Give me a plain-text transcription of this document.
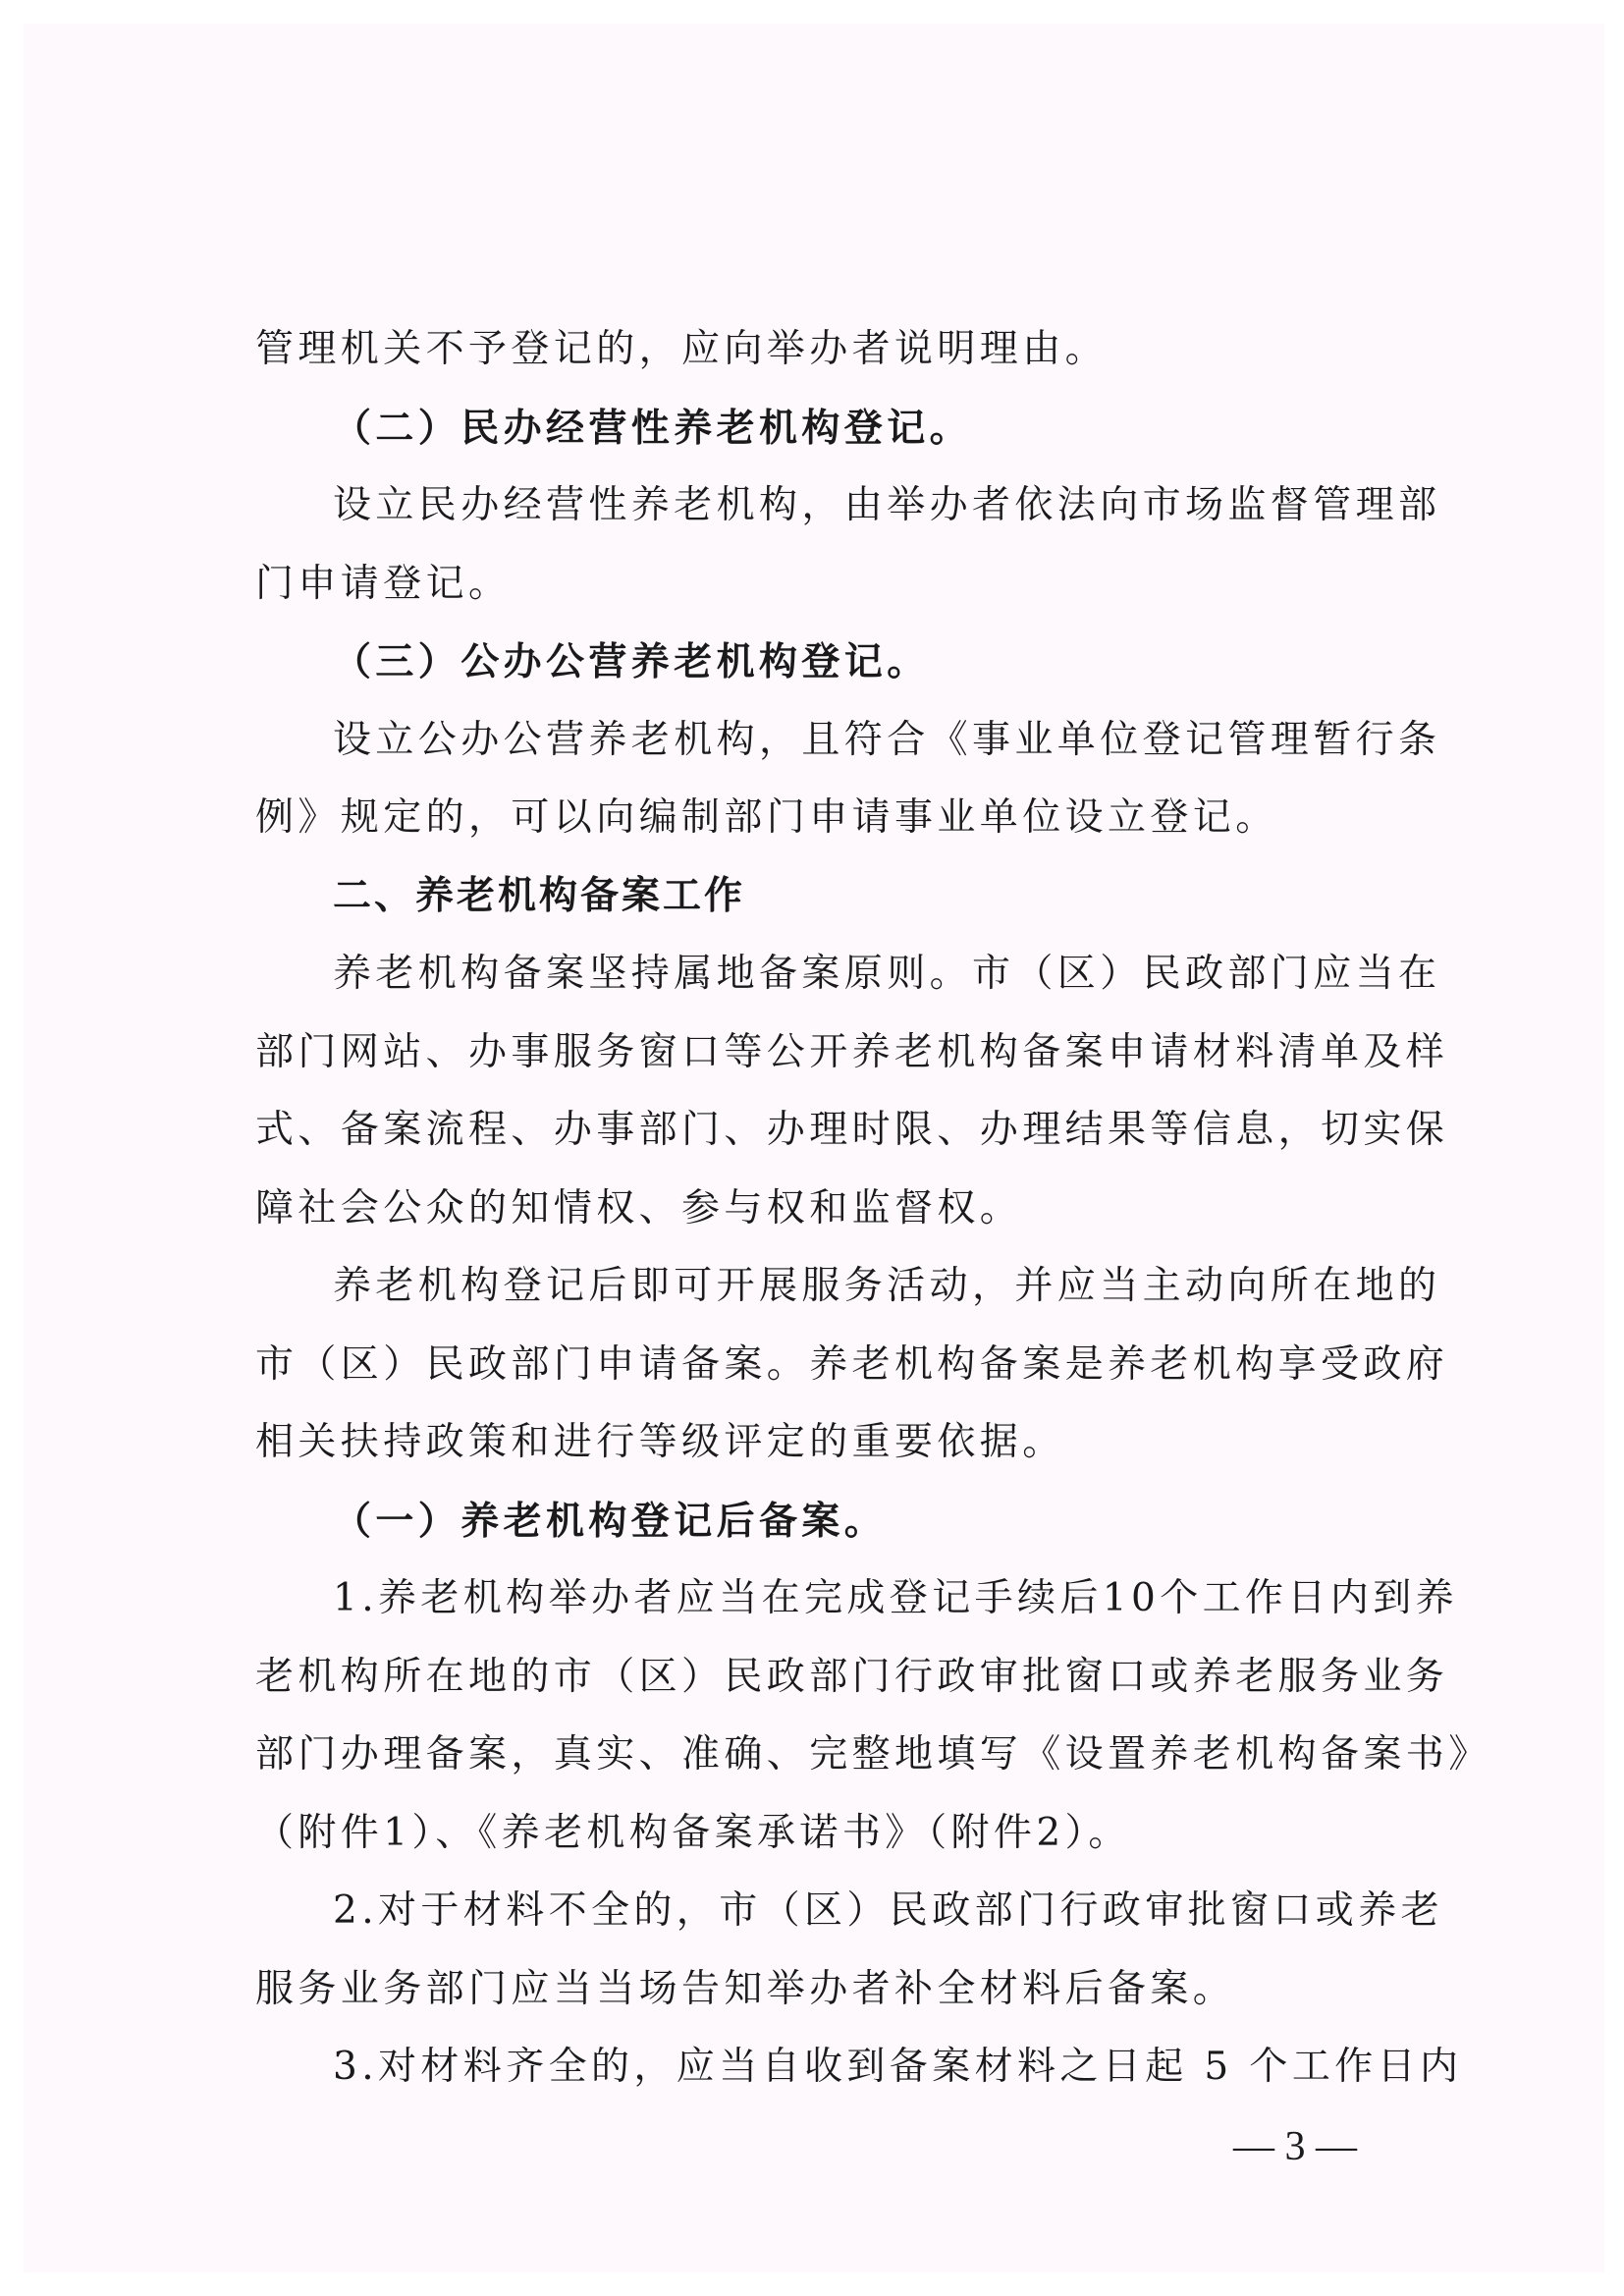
管理机关不予登记的，应向举办者说明理由。
（二）民办经营性养老机构登记。
设立民办经营性养老机构，由举办者依法向市场监督管理部
门申请登记。
（三）公办公营养老机构登记。
设立公办公营养老机构，且符合《事业单位登记管理暂行条
例》规定的，可以向编制部门申请事业单位设立登记。
二、养老机构备案工作
养老机构备案坚持属地备案原则。市（区）民政部门应当在
部门网站、办事服务窗口等公开养老机构备案申请材料清单及样
式、备案流程、办事部门、办理时限、办理结果等信息，切实保
障社会公众的知情权、参与权和监督权。
养老机构登记后即可开展服务活动，并应当主动向所在地的
市（区）民政部门申请备案。养老机构备案是养老机构享受政府
相关扶持政策和进行等级评定的重要依据。
（一）养老机构登记后备案。
1.养老机构举办者应当在完成登记手续后10个工作日内到养
老机构所在地的市（区）民政部门行政审批窗口或养老服务业务
部门办理备案，真实、准确、完整地填写《设置养老机构备案书》
（附件1）、《养老机构备案承诺书》（附件2）。
2.对于材料不全的，市（区）民政部门行政审批窗口或养老
服务业务部门应当当场告知举办者补全材料后备案。
3.对材料齐全的，应当自收到备案材料之日起 5 个工作日内
— 3 —
